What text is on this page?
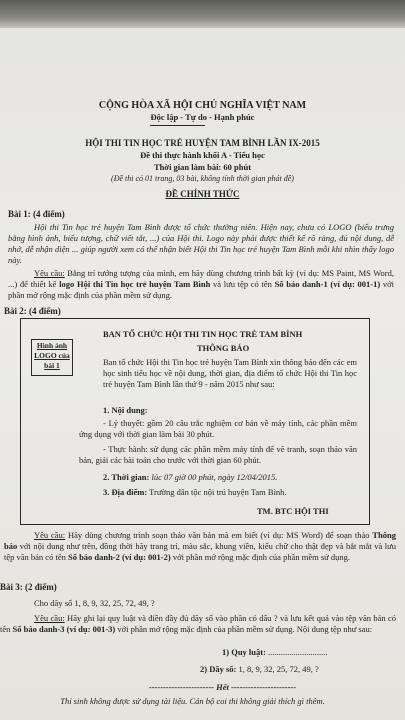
CỘNG HÒA XÃ HỘI CHỦ NGHĨA VIỆT NAM
Độc lập - Tự do - Hạnh phúc
HỘI THI TIN HỌC TRẺ HUYỆN TAM BÌNH LẦN IX-2015
Đề thi thực hành khối A - Tiểu học
Thời gian làm bài: 60 phút
(Đề thi có 01 trang, 03 bài, không tính thời gian phát đề)
ĐỀ CHÍNH THỨC
Bài 1: (4 điểm)
Hội thi Tin học trẻ huyện Tam Bình được tổ chức thường niên. Hiện nay, chưa có LOGO (biểu trưng bằng hình ảnh, biểu tượng, chữ viết tắt, ...) của Hội thi. Logo này phải được thiết kế rõ ràng, đủ nội dung, dễ nhớ, dễ nhận diện ... giúp người xem có thể nhận biết Hội thi Tin học trẻ huyện Tam Bình mỗi khi nhìn thấy logo này.
Yêu cầu: Bằng trí tưởng tượng của mình, em hãy dùng chương trình bất kỳ (ví dụ: MS Paint, MS Word, ...) để thiết kế logo Hội thi Tin học trẻ huyện Tam Bình và lưu tệp có tên Số báo danh-1 (ví dụ: 001-1) với phần mở rộng mặc định của phần mềm sử dụng.
Bài 2: (4 điểm)
Hình ảnh LOGO của bài 1
BAN TỔ CHỨC HỘI THI TIN HỌC TRẺ TAM BÌNH
THÔNG BÁO
Ban tổ chức Hội thi Tin học trẻ huyện Tam Bình xin thông báo đến các em học sinh tiểu học về nội dung, thời gian, địa điểm tổ chức Hội thi Tin học trẻ huyện Tam Bình lần thứ 9 - năm 2015 như sau:
1. Nội dung:
- Lý thuyết: gồm 20 câu trắc nghiệm cơ bản về máy tính, các phần mềm ứng dụng với thời gian làm bài 30 phút.
- Thực hành: sử dụng các phần mềm máy tính để vẽ tranh, soạn thảo văn bản, giải các bài toán cho trước với thời gian 60 phút.
2. Thời gian: lúc 07 giờ 00 phút, ngày 12/04/2015.
3. Địa điểm: Trường dân tộc nội trú huyện Tam Bình.
TM. BTC HỘI THI
Yêu cầu: Hãy dùng chương trình soạn thảo văn bản mà em biết (ví dụ: MS Word) để soạn thảo Thông báo với nội dung như trên, đồng thời hãy trang trí, màu sắc, khung viền, kiểu chữ cho thật đẹp và bắt mắt và lưu tệp văn bản có tên Số báo danh-2 (ví dụ: 001-2) với phần mở rộng mặc định của phần mềm sử dụng.
Bài 3: (2 điểm)
Cho dãy số 1, 8, 9, 32, 25, 72, 49, ?
Yêu cầu: Hãy ghi lại quy luật và điền đầy đủ dãy số vào phần có dấu ? và lưu kết quả vào tệp văn bản có tên Số báo danh-3 (ví dụ: 001-3) với phần mở rộng mặc định của phần mềm sử dụng. Nội dung tệp như sau:
1) Quy luật: ............................
2) Dãy số: 1, 8, 9, 32, 25, 72, 49, ?
----------------------- Hết -----------------------
Thí sinh không được sử dụng tài liệu. Cán bộ coi thi không giải thích gì thêm.
